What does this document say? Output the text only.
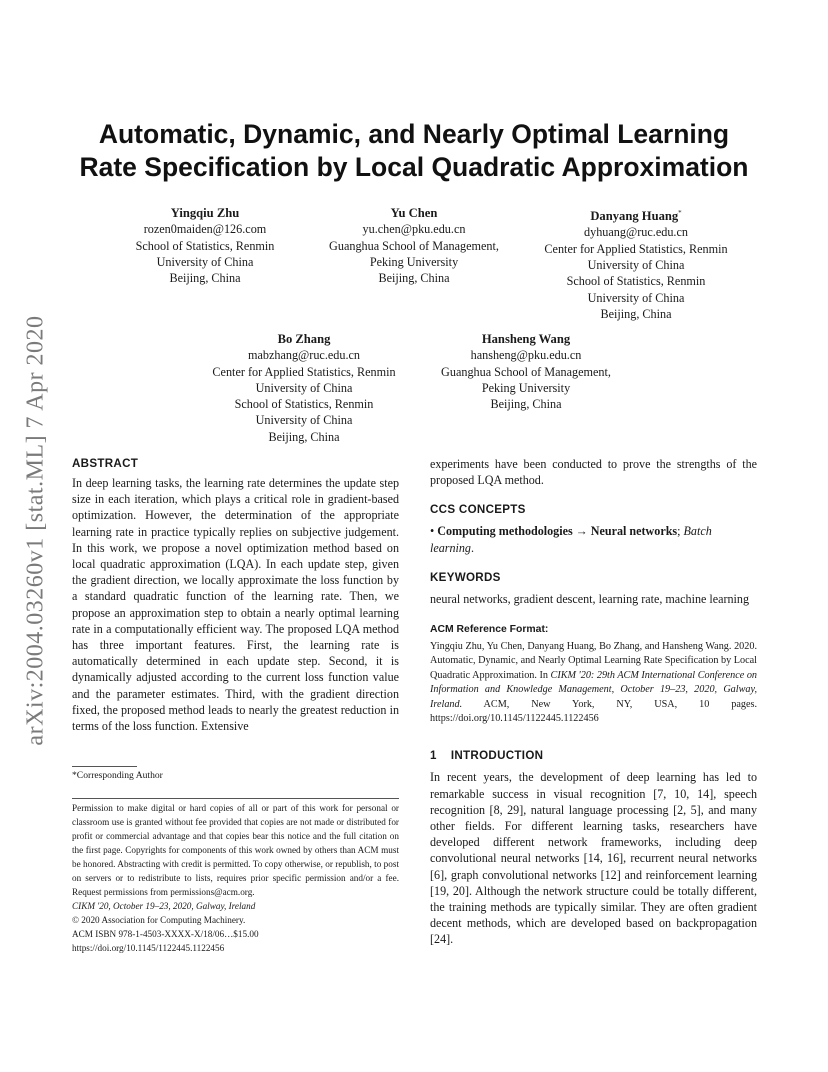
arXiv:2004.03260v1 [stat.ML] 7 Apr 2020
Automatic, Dynamic, and Nearly Optimal Learning
Rate Specification by Local Quadratic Approximation
Yingqiu Zhu
rozen0maiden@126.com
School of Statistics, Renmin
University of China
Beijing, China
Yu Chen
yu.chen@pku.edu.cn
Guanghua School of Management,
Peking University
Beijing, China
Danyang Huang*
dyhuang@ruc.edu.cn
Center for Applied Statistics, Renmin
University of China
School of Statistics, Renmin
University of China
Beijing, China
Bo Zhang
mabzhang@ruc.edu.cn
Center for Applied Statistics, Renmin
University of China
School of Statistics, Renmin
University of China
Beijing, China
Hansheng Wang
hansheng@pku.edu.cn
Guanghua School of Management,
Peking University
Beijing, China

ABSTRACT

In deep learning tasks, the learning rate determines the update step size in each iteration, which plays a critical role in gradient-based optimization. However, the determination of the appropriate learning rate in practice typically replies on subjective judgement. In this work, we propose a novel optimization method based on local quadratic approximation (LQA). In each update step, given the gradient direction, we locally approximate the loss function by a standard quadratic function of the learning rate. Then, we propose an approximation step to obtain a nearly optimal learning rate in a computationally efficient way. The proposed LQA method has three important features. First, the learning rate is automatically determined in each update step. Second, it is dynamically adjusted according to the current loss function value and the parameter estimates. Third, with the gradient direction fixed, the proposed method leads to nearly the greatest reduction in terms of the loss function. Extensive

*Corresponding Author
Permission to make digital or hard copies of all or part of this work for personal or classroom use is granted without fee provided that copies are not made or distributed for profit or commercial advantage and that copies bear this notice and the full citation on the first page. Copyrights for components of this work owned by others than ACM must be honored. Abstracting with credit is permitted. To copy otherwise, or republish, to post on servers or to redistribute to lists, requires prior specific permission and/or a fee. Request permissions from permissions@acm.org.
CIKM '20, October 19–23, 2020, Galway, Ireland
© 2020 Association for Computing Machinery.
ACM ISBN 978-1-4503-XXXX-X/18/06…$15.00
https://doi.org/10.1145/1122445.1122456

experiments have been conducted to prove the strengths of the proposed LQA method.

CCS CONCEPTS

• Computing methodologies → Neural networks; Batch learning.

KEYWORDS

neural networks, gradient descent, learning rate, machine learning

ACM Reference Format:

Yingqiu Zhu, Yu Chen, Danyang Huang, Bo Zhang, and Hansheng Wang. 2020. Automatic, Dynamic, and Nearly Optimal Learning Rate Specification by Local Quadratic Approximation. In CIKM '20: 29th ACM International Conference on Information and Knowledge Management, October 19–23, 2020, Galway, Ireland. ACM, New York, NY, USA, 10 pages. https://doi.org/10.1145/1122445.1122456

1 INTRODUCTION

In recent years, the development of deep learning has led to remarkable success in visual recognition [7, 10, 14], speech recognition [8, 29], natural language processing [2, 5], and many other fields. For different learning tasks, researchers have developed different network frameworks, including deep convolutional neural networks [14, 16], recurrent neural networks [6], graph convolutional networks [12] and reinforcement learning [19, 20]. Although the network structure could be totally different, the training methods are typically similar. They are often gradient decent methods, which are developed based on backpropagation [24].
